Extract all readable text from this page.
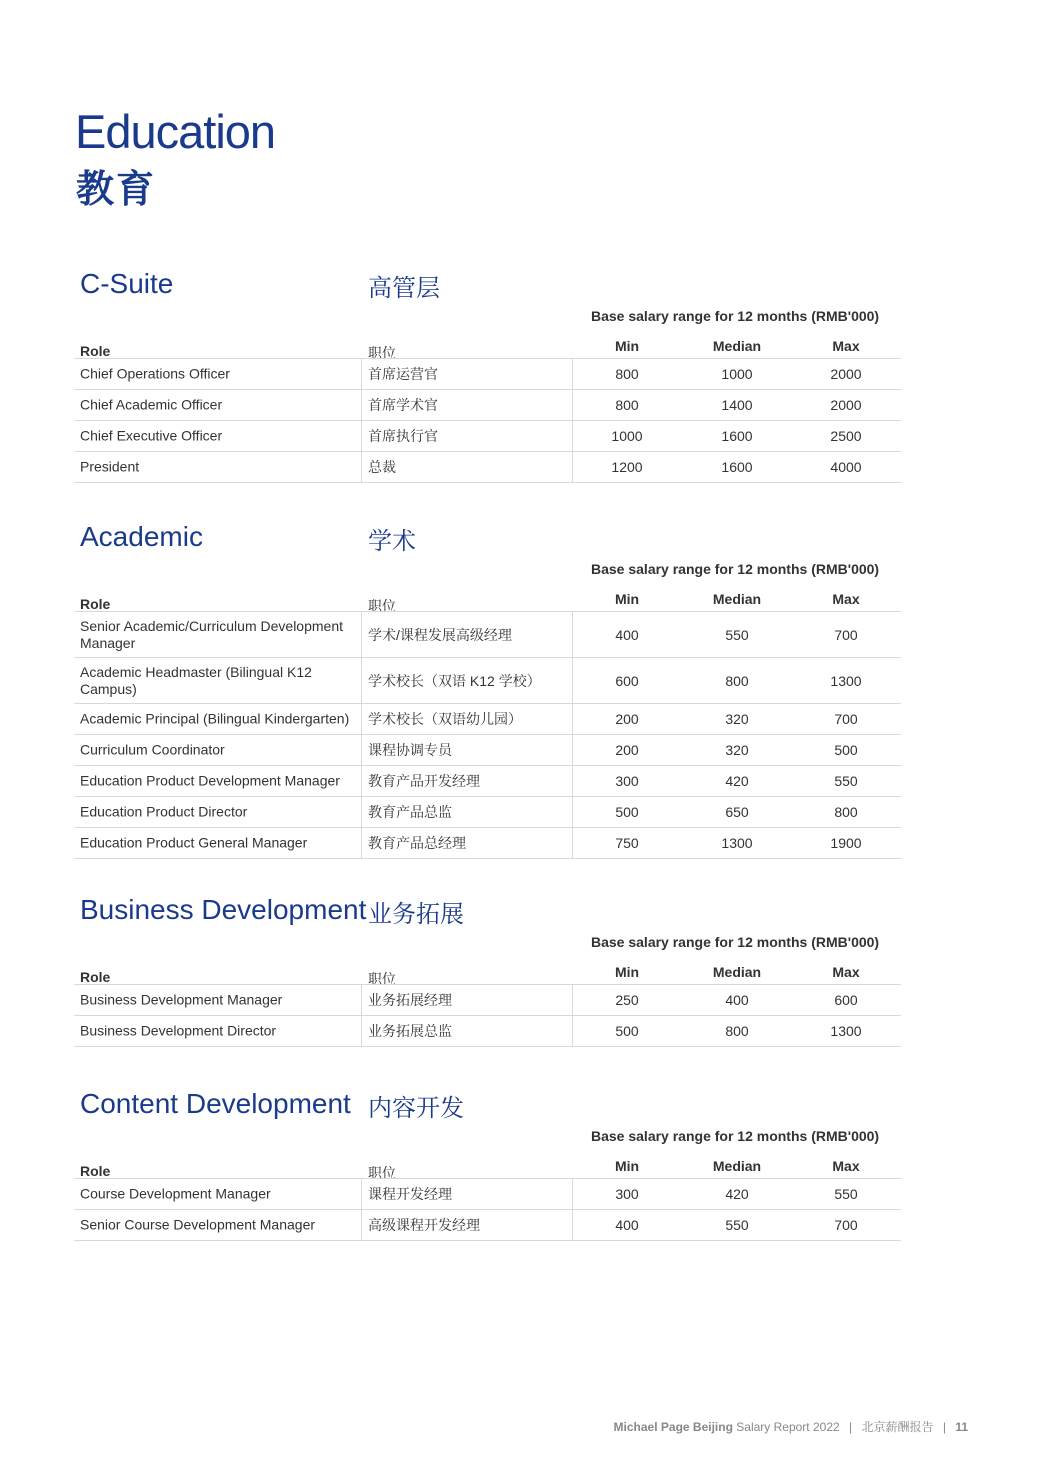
Education
教育
C-Suite	高管层
Base salary range for 12 months (RMB'000)
Role	职位	Min	Median	Max
Chief Operations Officer	首席运营官	800	1000	2000
Chief Academic Officer	首席学术官	800	1400	2000
Chief Executive Officer	首席执行官	1000	1600	2500
President	总裁	1200	1600	4000
Academic	学术
Base salary range for 12 months (RMB'000)
Role	职位	Min	Median	Max
Senior Academic/Curriculum Development Manager	学术/课程发展高级经理	400	550	700
Academic Headmaster (Bilingual K12 Campus)	学术校长（双语 K12 学校）	600	800	1300
Academic Principal (Bilingual Kindergarten)	学术校长（双语幼儿园）	200	320	700
Curriculum Coordinator	课程协调专员	200	320	500
Education Product Development Manager	教育产品开发经理	300	420	550
Education Product Director	教育产品总监	500	650	800
Education Product General Manager	教育产品总经理	750	1300	1900
Business Development 业务拓展
Base salary range for 12 months (RMB'000)
Role	职位	Min	Median	Max
Business Development Manager	业务拓展经理	250	400	600
Business Development Director	业务拓展总监	500	800	1300
Content Development 内容开发
Base salary range for 12 months (RMB'000)
Role	职位	Min	Median	Max
Course Development Manager	课程开发经理	300	420	550
Senior Course Development Manager	高级课程开发经理	400	550	700
Michael Page Beijing Salary Report 2022 | 北京薪酬报告 | 11
